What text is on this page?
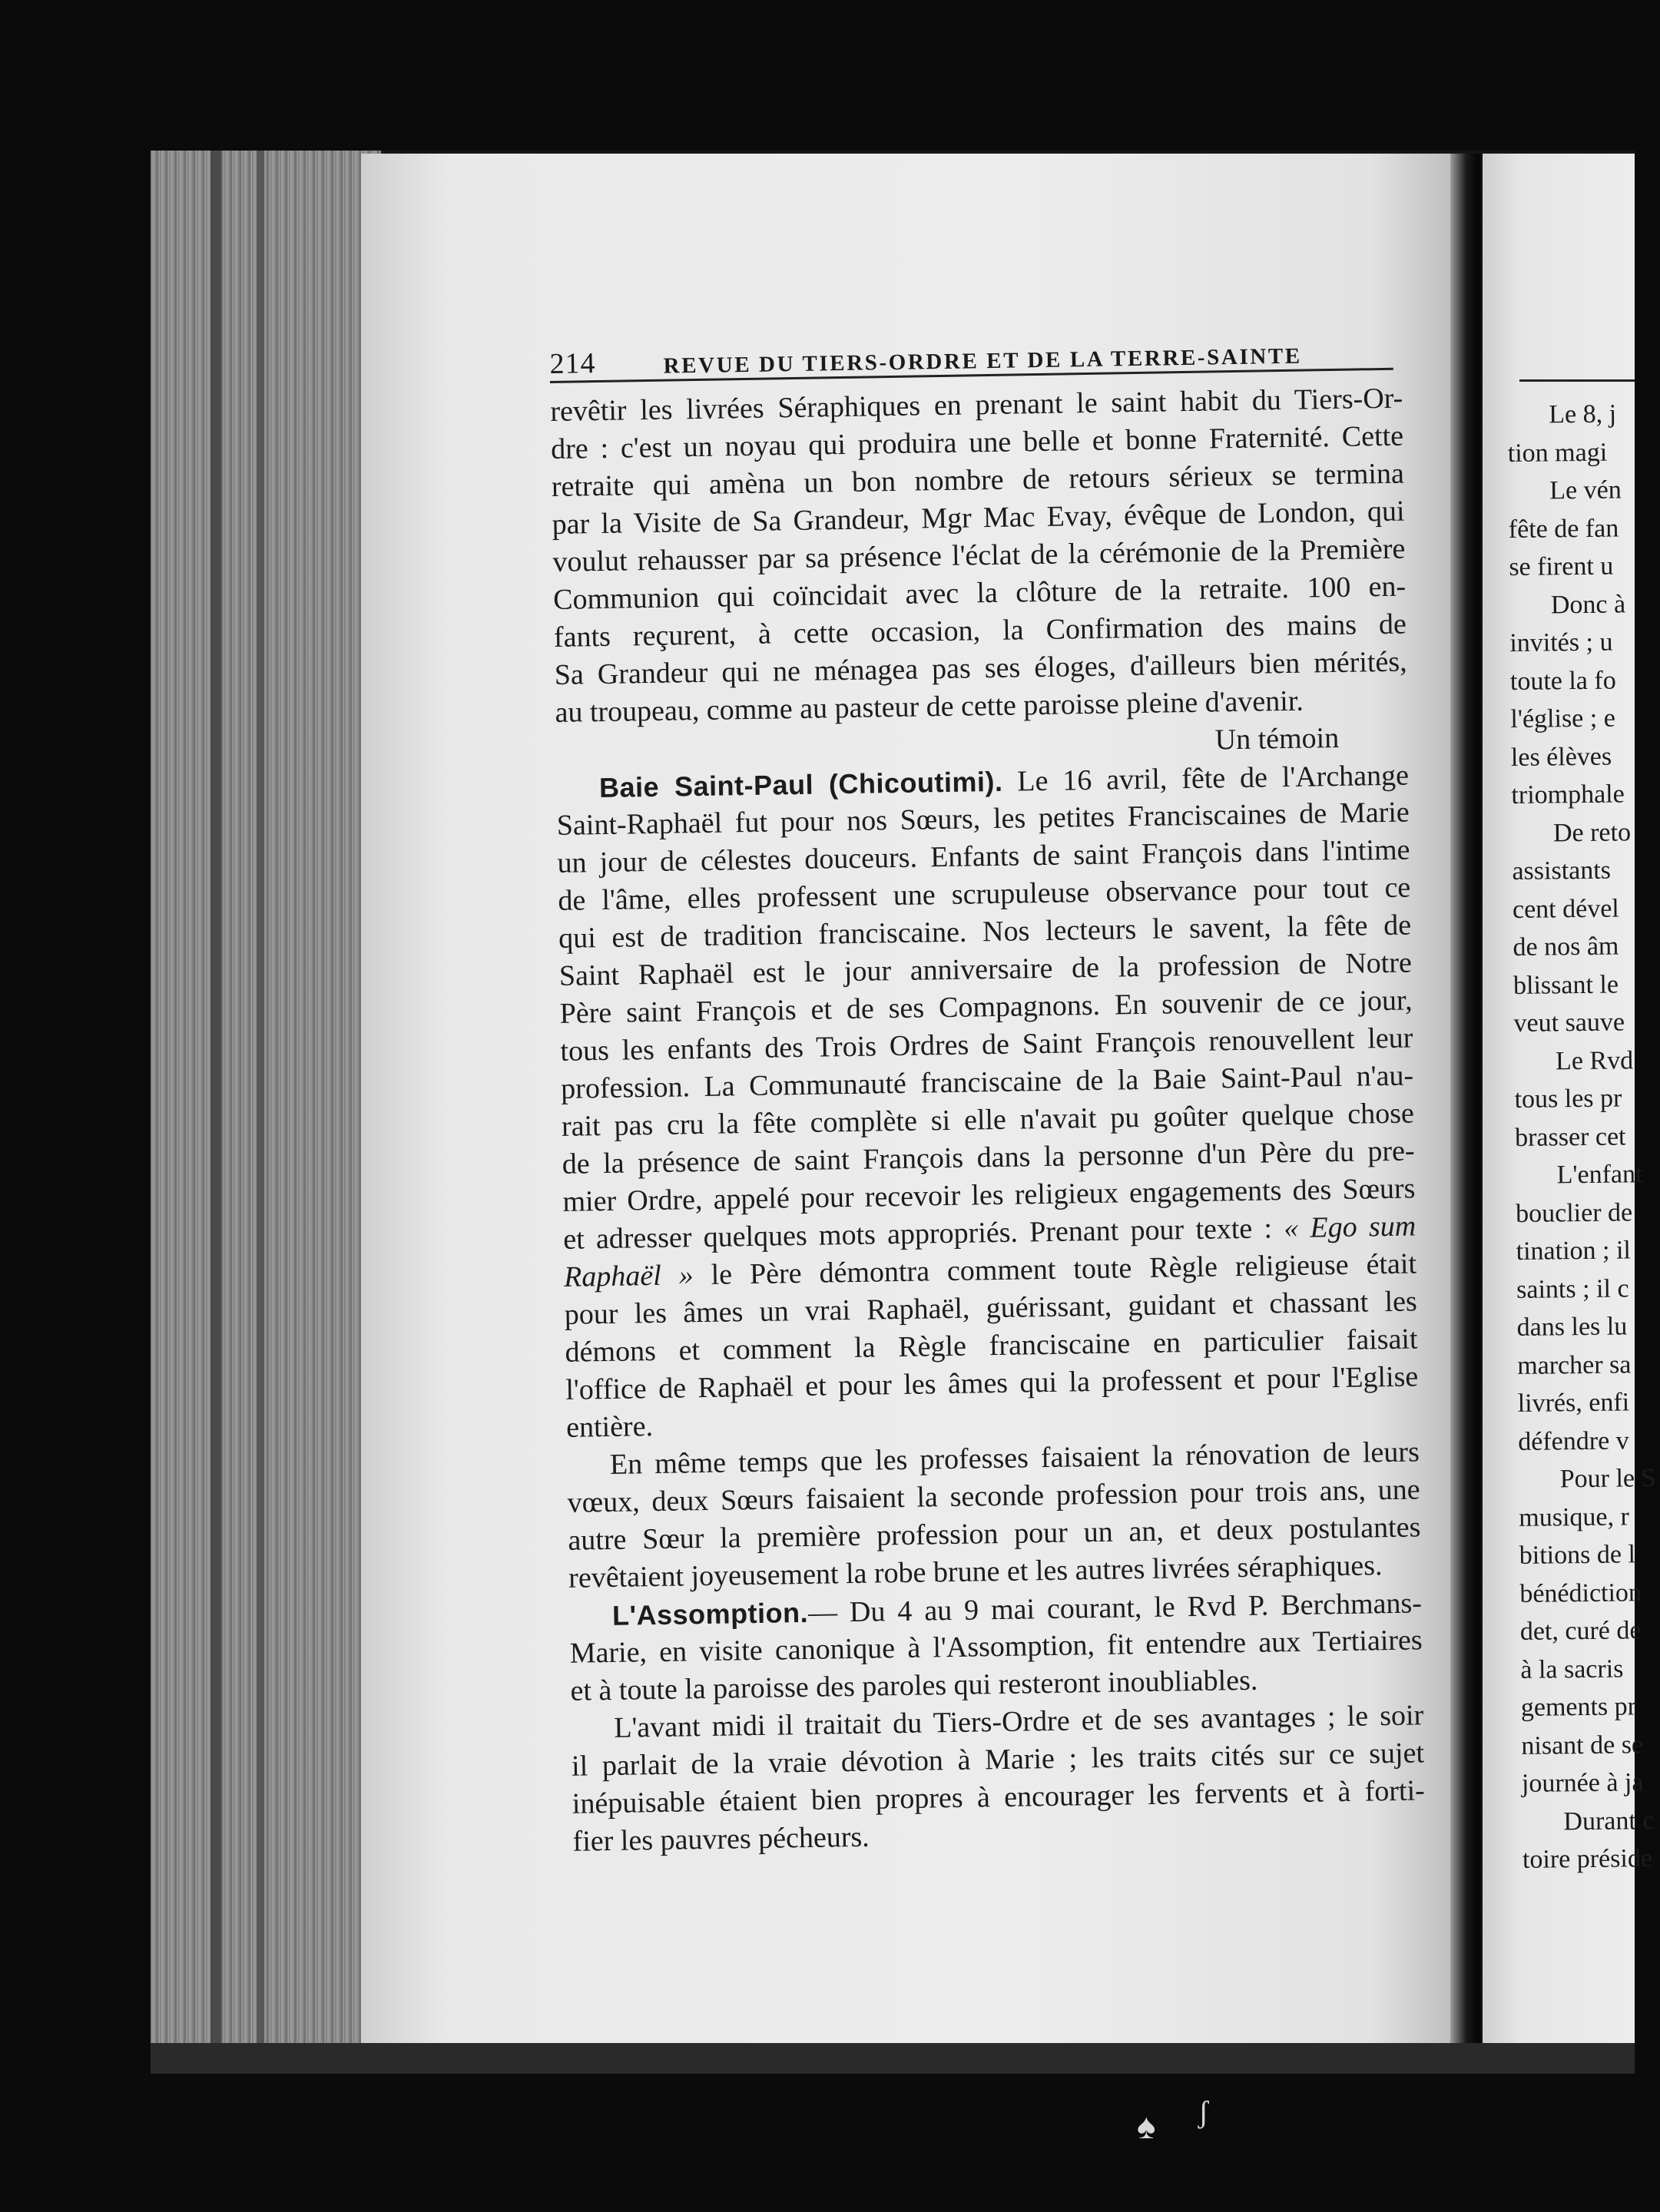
♠ ʃ
214	REVUE DU TIERS-ORDRE ET DE LA TERRE-SAINTE
revêtir les livrées Séraphiques en prenant le saint habit du Tiers-Or-
dre : c'est un noyau qui produira une belle et bonne Fraternité. Cette
retraite qui amèna un bon nombre de retours sérieux se termina
par la Visite de Sa Grandeur, Mgr Mac Evay, évêque de London, qui
voulut rehausser par sa présence l'éclat de la cérémonie de la Première
Communion qui coïncidait avec la clôture de la retraite. 100 en-
fants reçurent, à cette occasion, la Confirmation des mains de
Sa Grandeur qui ne ménagea pas ses éloges, d'ailleurs bien mérités,
au troupeau, comme au pasteur de cette paroisse pleine d'avenir.
Un témoin
Baie Saint-Paul (Chicoutimi). Le 16 avril, fête de l'Archange
Saint-Raphaël fut pour nos Sœurs, les petites Franciscaines de Marie
un jour de célestes douceurs. Enfants de saint François dans l'intime
de l'âme, elles professent une scrupuleuse observance pour tout ce
qui est de tradition franciscaine. Nos lecteurs le savent, la fête de
Saint Raphaël est le jour anniversaire de la profession de Notre
Père saint François et de ses Compagnons. En souvenir de ce jour,
tous les enfants des Trois Ordres de Saint François renouvellent leur
profession. La Communauté franciscaine de la Baie Saint-Paul n'au-
rait pas cru la fête complète si elle n'avait pu goûter quelque chose
de la présence de saint François dans la personne d'un Père du pre-
mier Ordre, appelé pour recevoir les religieux engagements des Sœurs
et adresser quelques mots appropriés. Prenant pour texte : « Ego sum
Raphaël » le Père démontra comment toute Règle religieuse était
pour les âmes un vrai Raphaël, guérissant, guidant et chassant les
démons et comment la Règle franciscaine en particulier faisait
l'office de Raphaël et pour les âmes qui la professent et pour l'Eglise
entière.
En même temps que les professes faisaient la rénovation de leurs
vœux, deux Sœurs faisaient la seconde profession pour trois ans, une
autre Sœur la première profession pour un an, et deux postulantes
revêtaient joyeusement la robe brune et les autres livrées séraphiques.
L'Assomption.— Du 4 au 9 mai courant, le Rvd P. Berchmans-
Marie, en visite canonique à l'Assomption, fit entendre aux Tertiaires
et à toute la paroisse des paroles qui resteront inoubliables.
L'avant midi il traitait du Tiers-Ordre et de ses avantages ; le soir
il parlait de la vraie dévotion à Marie ; les traits cités sur ce sujet
inépuisable étaient bien propres à encourager les fervents et à forti-
fier les pauvres pécheurs.
Le 8, j
tion magi
Le vén
fête de fan
se firent u
Donc à
invités ; u
toute la fo
l'église ; e
les élèves
triomphale
De reto
assistants
cent dével
de nos âm
blissant le
veut sauve
Le Rvd
tous les pr
brasser cet
L'enfant
bouclier de
tination ; il
saints ; il c
dans les lu
marcher sa
livrés, enfi
défendre v
Pour le S
musique, r
bitions de l
bénédiction
det, curé de
à la sacris
gements pr
nisant de se
journée à ja
Durant c
toire préside
